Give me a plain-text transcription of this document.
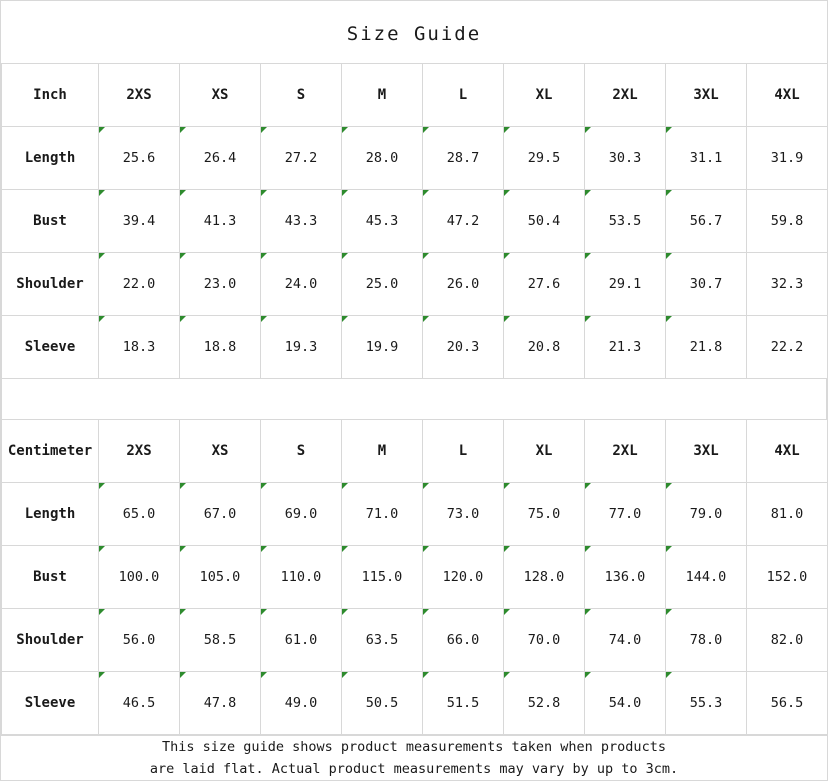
Size Guide
Inch	2XS	XS	S	M	L	XL	2XL	3XL	4XL
Length	25.6	26.4	27.2	28.0	28.7	29.5	30.3	31.1	31.9
Bust	39.4	41.3	43.3	45.3	47.2	50.4	53.5	56.7	59.8
Shoulder	22.0	23.0	24.0	25.0	26.0	27.6	29.1	30.7	32.3
Sleeve	18.3	18.8	19.3	19.9	20.3	20.8	21.3	21.8	22.2
Centimeter	2XS	XS	S	M	L	XL	2XL	3XL	4XL
Length	65.0	67.0	69.0	71.0	73.0	75.0	77.0	79.0	81.0
Bust	100.0	105.0	110.0	115.0	120.0	128.0	136.0	144.0	152.0
Shoulder	56.0	58.5	61.0	63.5	66.0	70.0	74.0	78.0	82.0
Sleeve	46.5	47.8	49.0	50.5	51.5	52.8	54.0	55.3	56.5
This size guide shows product measurements taken when products
are laid flat. Actual product measurements may vary by up to 3cm.
